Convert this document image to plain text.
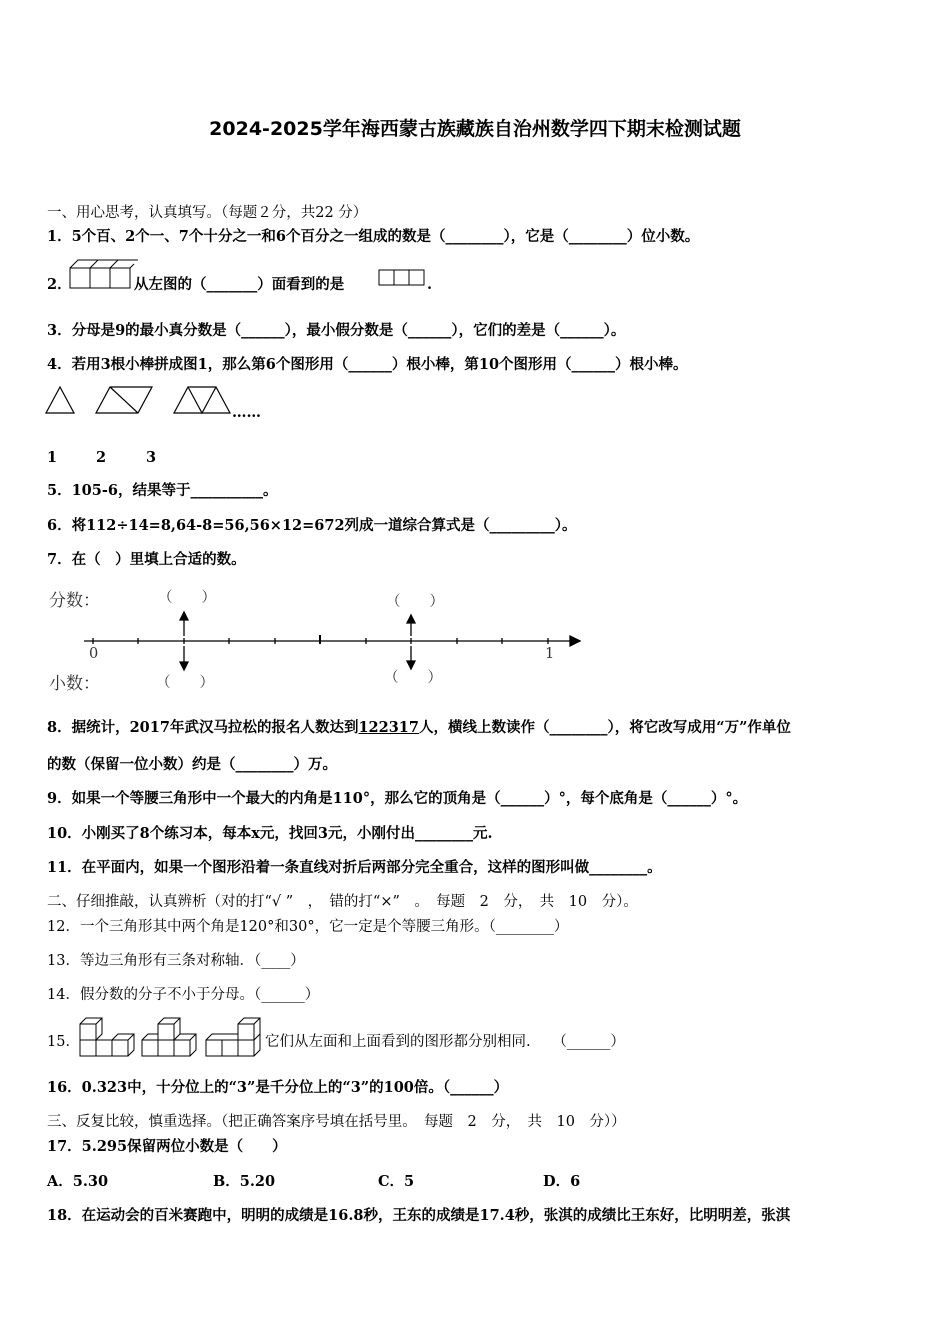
2024-2025学年海西蒙古族藏族自治州数学四下期末检测试题
一、用心思考，认真填写。（每题２分，共22 分）
1．5个百、2个一、7个十分之一和6个百分之一组成的数是（________），它是（________）位小数。
2．	从左图的（_______）面看到的是	.
3．分母是9的最小真分数是（______），最小假分数是（______），它们的差是（______）。
4．若用3根小棒拼成图1，那么第6个图形用（______）根小棒，第10个图形用（______）根小棒。
……
1	2	3
5．105-6，结果等于__________。
6．将112÷14=8,64-8=56,56×12=672列成一道综合算式是（_________）。
7．在（　）里填上合适的数。
分数：
小数：
（　　）	（　　）
（　　）	（　　）
0	1
8．据统计，2017年武汉马拉松的报名人数达到122317人，横线上数读作（________），将它改写成用“万”作单位
的数（保留一位小数）约是（________）万。
9．如果一个等腰三角形中一个最大的内角是110°，那么它的顶角是（______）°，每个底角是（______）°。
10．小刚买了8个练习本，每本x元，找回3元，小刚付出________元.
11．在平面内，如果一个图形沿着一条直线对折后两部分完全重合，这样的图形叫做________。
二、仔细推敲，认真辨析（对的打“√ ”　，　错的打“×”　。　每题　2　分，　共　10　分）。
12．一个三角形其中两个角是120°和30°，它一定是个等腰三角形。（________）
13．等边三角形有三条对称轴．（____）
14．假分数的分子不小于分母。（______）
15．	它们从左面和上面看到的图形都分别相同.　　（______）
16．0.323中，十分位上的“3”是千分位上的“3”的100倍。（______）
三、反复比较，慎重选择。（把正确答案序号填在括号里。　每题　2　分，　共　10　分））
17．5.295保留两位小数是（　　）
A．5.30	B．5.20	C．5	D．6
18．在运动会的百米赛跑中，明明的成绩是16.8秒，王东的成绩是17.4秒，张淇的成绩比王东好，比明明差，张淇
